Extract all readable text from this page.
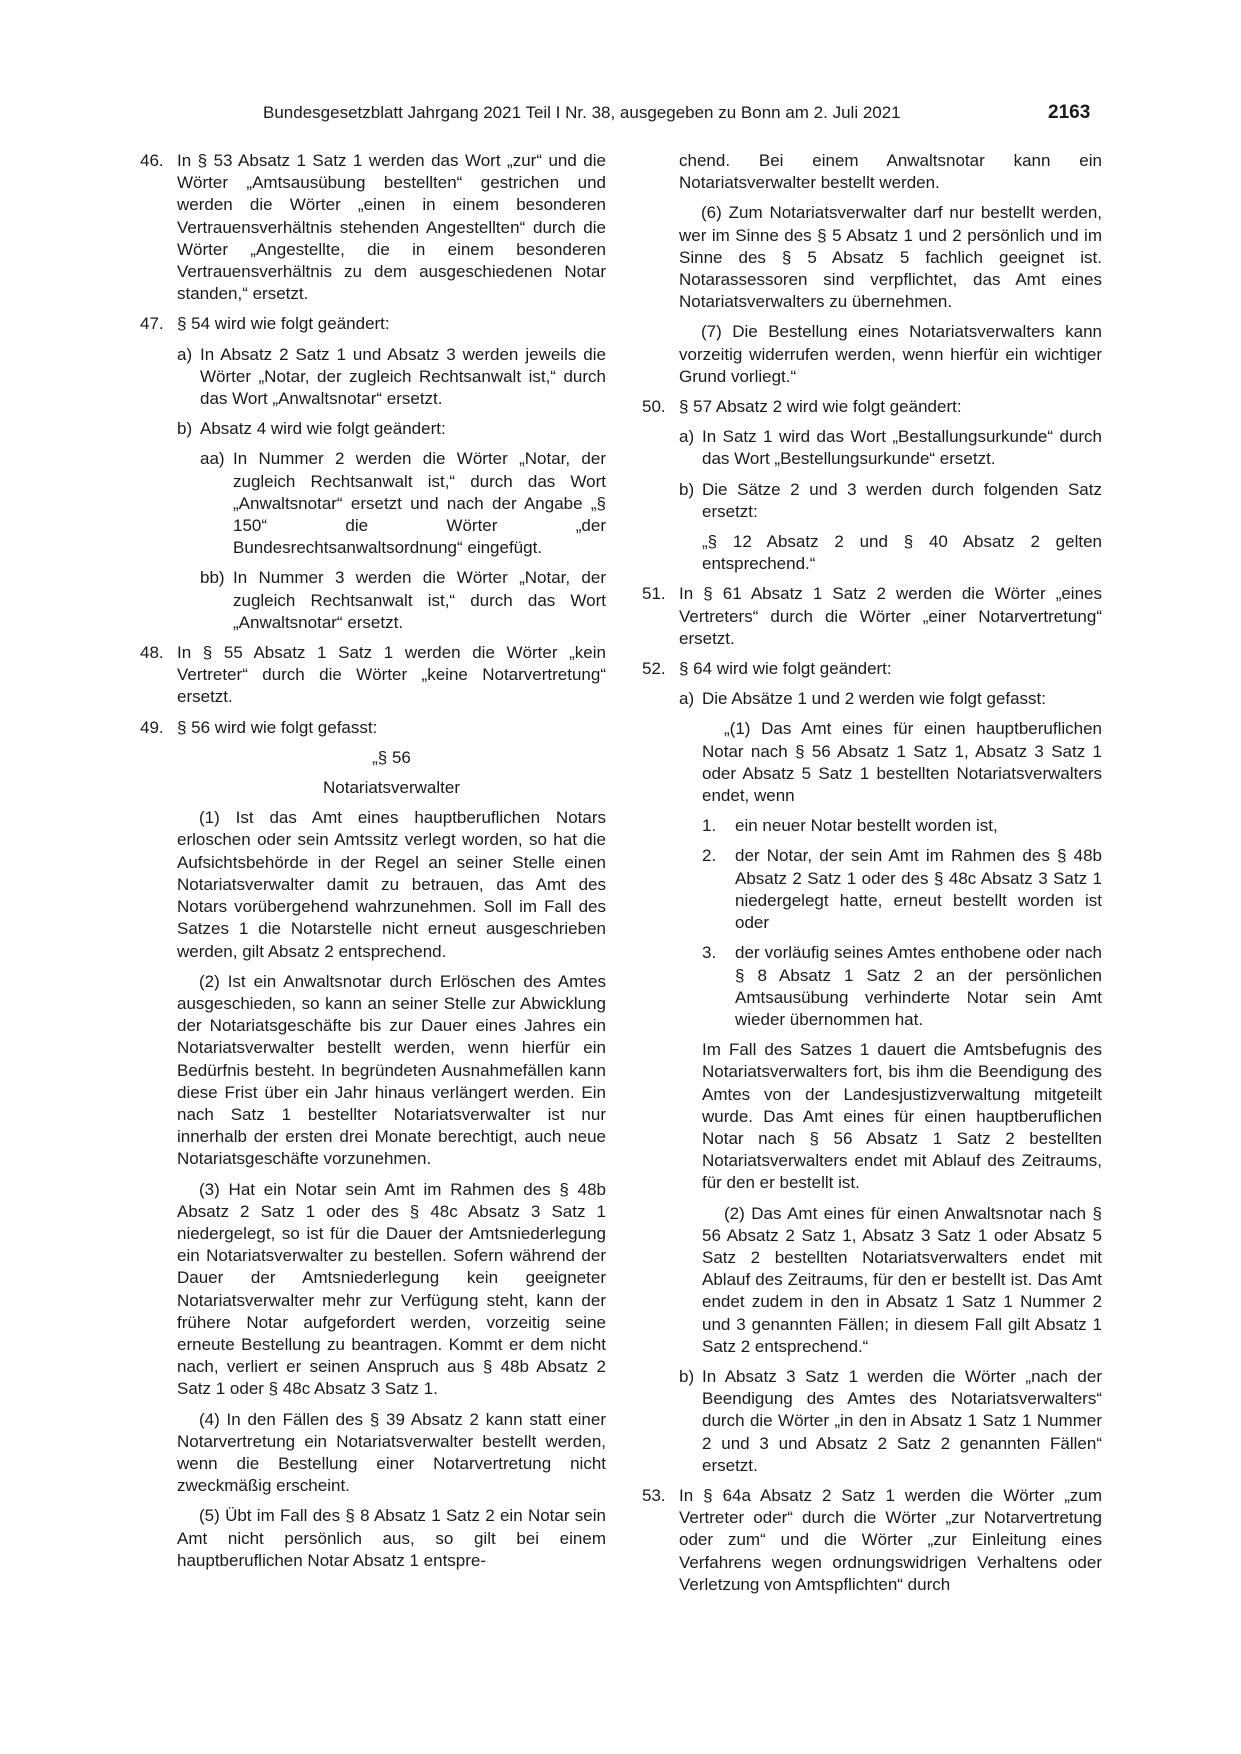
Bundesgesetzblatt Jahrgang 2021 Teil I Nr. 38, ausgegeben zu Bonn am 2. Juli 2021	2163
46. In § 53 Absatz 1 Satz 1 werden das Wort „zur“ und die Wörter „Amtsausübung bestellten“ gestrichen und werden die Wörter „einen in einem besonderen Vertrauensverhältnis stehenden Angestellten“ durch die Wörter „Angestellte, die in einem besonderen Vertrauensverhältnis zu dem ausgeschiedenen Notar standen,“ ersetzt.
47. § 54 wird wie folgt geändert:
a) In Absatz 2 Satz 1 und Absatz 3 werden jeweils die Wörter „Notar, der zugleich Rechtsanwalt ist,“ durch das Wort „Anwaltsnotar“ ersetzt.
b) Absatz 4 wird wie folgt geändert:
aa) In Nummer 2 werden die Wörter „Notar, der zugleich Rechtsanwalt ist,“ durch das Wort „Anwaltsnotar“ ersetzt und nach der Angabe „§ 150“ die Wörter „der Bundesrechtsanwaltsordnung“ eingefügt.
bb) In Nummer 3 werden die Wörter „Notar, der zugleich Rechtsanwalt ist,“ durch das Wort „Anwaltsnotar“ ersetzt.
48. In § 55 Absatz 1 Satz 1 werden die Wörter „kein Vertreter“ durch die Wörter „keine Notarvertretung“ ersetzt.
49. § 56 wird wie folgt gefasst:
„§ 56
Notariatsverwalter

(1) Ist das Amt eines hauptberuflichen Notars erloschen oder sein Amtssitz verlegt worden, so hat die Aufsichtsbehörde in der Regel an seiner Stelle einen Notariatsverwalter damit zu betrauen, das Amt des Notars vorübergehend wahrzunehmen. Soll im Fall des Satzes 1 die Notarstelle nicht erneut ausgeschrieben werden, gilt Absatz 2 entsprechend.

(2) Ist ein Anwaltsnotar durch Erlöschen des Amtes ausgeschieden, so kann an seiner Stelle zur Abwicklung der Notariatsgeschäfte bis zur Dauer eines Jahres ein Notariatsverwalter bestellt werden, wenn hierfür ein Bedürfnis besteht. In begründeten Ausnahmefällen kann diese Frist über ein Jahr hinaus verlängert werden. Ein nach Satz 1 bestellter Notariatsverwalter ist nur innerhalb der ersten drei Monate berechtigt, auch neue Notariatsgeschäfte vorzunehmen.

(3) Hat ein Notar sein Amt im Rahmen des § 48b Absatz 2 Satz 1 oder des § 48c Absatz 3 Satz 1 niedergelegt, so ist für die Dauer der Amtsniederlegung ein Notariatsverwalter zu bestellen. Sofern während der Dauer der Amtsniederlegung kein geeigneter Notariatsverwalter mehr zur Verfügung steht, kann der frühere Notar aufgefordert werden, vorzeitig seine erneute Bestellung zu beantragen. Kommt er dem nicht nach, verliert er seinen Anspruch aus § 48b Absatz 2 Satz 1 oder § 48c Absatz 3 Satz 1.

(4) In den Fällen des § 39 Absatz 2 kann statt einer Notarvertretung ein Notariatsverwalter bestellt werden, wenn die Bestellung einer Notarvertretung nicht zweckmäßig erscheint.

(5) Übt im Fall des § 8 Absatz 1 Satz 2 ein Notar sein Amt nicht persönlich aus, so gilt bei einem hauptberuflichen Notar Absatz 1 entspre-

chend. Bei einem Anwaltsnotar kann ein Notariatsverwalter bestellt werden.

(6) Zum Notariatsverwalter darf nur bestellt werden, wer im Sinne des § 5 Absatz 1 und 2 persönlich und im Sinne des § 5 Absatz 5 fachlich geeignet ist. Notarassessoren sind verpflichtet, das Amt eines Notariatsverwalters zu übernehmen.

(7) Die Bestellung eines Notariatsverwalters kann vorzeitig widerrufen werden, wenn hierfür ein wichtiger Grund vorliegt.“

50. § 57 Absatz 2 wird wie folgt geändert:
a) In Satz 1 wird das Wort „Bestallungsurkunde“ durch das Wort „Bestellungsurkunde“ ersetzt.
b) Die Sätze 2 und 3 werden durch folgenden Satz ersetzt:

„§ 12 Absatz 2 und § 40 Absatz 2 gelten entsprechend.“

51. In § 61 Absatz 1 Satz 2 werden die Wörter „eines Vertreters“ durch die Wörter „einer Notarvertretung“ ersetzt.
52. § 64 wird wie folgt geändert:
a) Die Absätze 1 und 2 werden wie folgt gefasst:

„(1) Das Amt eines für einen hauptberuflichen Notar nach § 56 Absatz 1 Satz 1, Absatz 3 Satz 1 oder Absatz 5 Satz 1 bestellten Notariatsverwalters endet, wenn

1. ein neuer Notar bestellt worden ist,
2. der Notar, der sein Amt im Rahmen des § 48b Absatz 2 Satz 1 oder des § 48c Absatz 3 Satz 1 niedergelegt hatte, erneut bestellt worden ist oder
3. der vorläufig seines Amtes enthobene oder nach § 8 Absatz 1 Satz 2 an der persönlichen Amtsausübung verhinderte Notar sein Amt wieder übernommen hat.

Im Fall des Satzes 1 dauert die Amtsbefugnis des Notariatsverwalters fort, bis ihm die Beendigung des Amtes von der Landesjustizverwaltung mitgeteilt wurde. Das Amt eines für einen hauptberuflichen Notar nach § 56 Absatz 1 Satz 2 bestellten Notariatsverwalters endet mit Ablauf des Zeitraums, für den er bestellt ist.

(2) Das Amt eines für einen Anwaltsnotar nach § 56 Absatz 2 Satz 1, Absatz 3 Satz 1 oder Absatz 5 Satz 2 bestellten Notariatsverwalters endet mit Ablauf des Zeitraums, für den er bestellt ist. Das Amt endet zudem in den in Absatz 1 Satz 1 Nummer 2 und 3 genannten Fällen; in diesem Fall gilt Absatz 1 Satz 2 entsprechend.“

b) In Absatz 3 Satz 1 werden die Wörter „nach der Beendigung des Amtes des Notariatsverwalters“ durch die Wörter „in den in Absatz 1 Satz 1 Nummer 2 und 3 und Absatz 2 Satz 2 genannten Fällen“ ersetzt.
53. In § 64a Absatz 2 Satz 1 werden die Wörter „zum Vertreter oder“ durch die Wörter „zur Notarvertretung oder zum“ und die Wörter „zur Einleitung eines Verfahrens wegen ordnungswidrigen Verhaltens oder Verletzung von Amtspflichten“ durch
